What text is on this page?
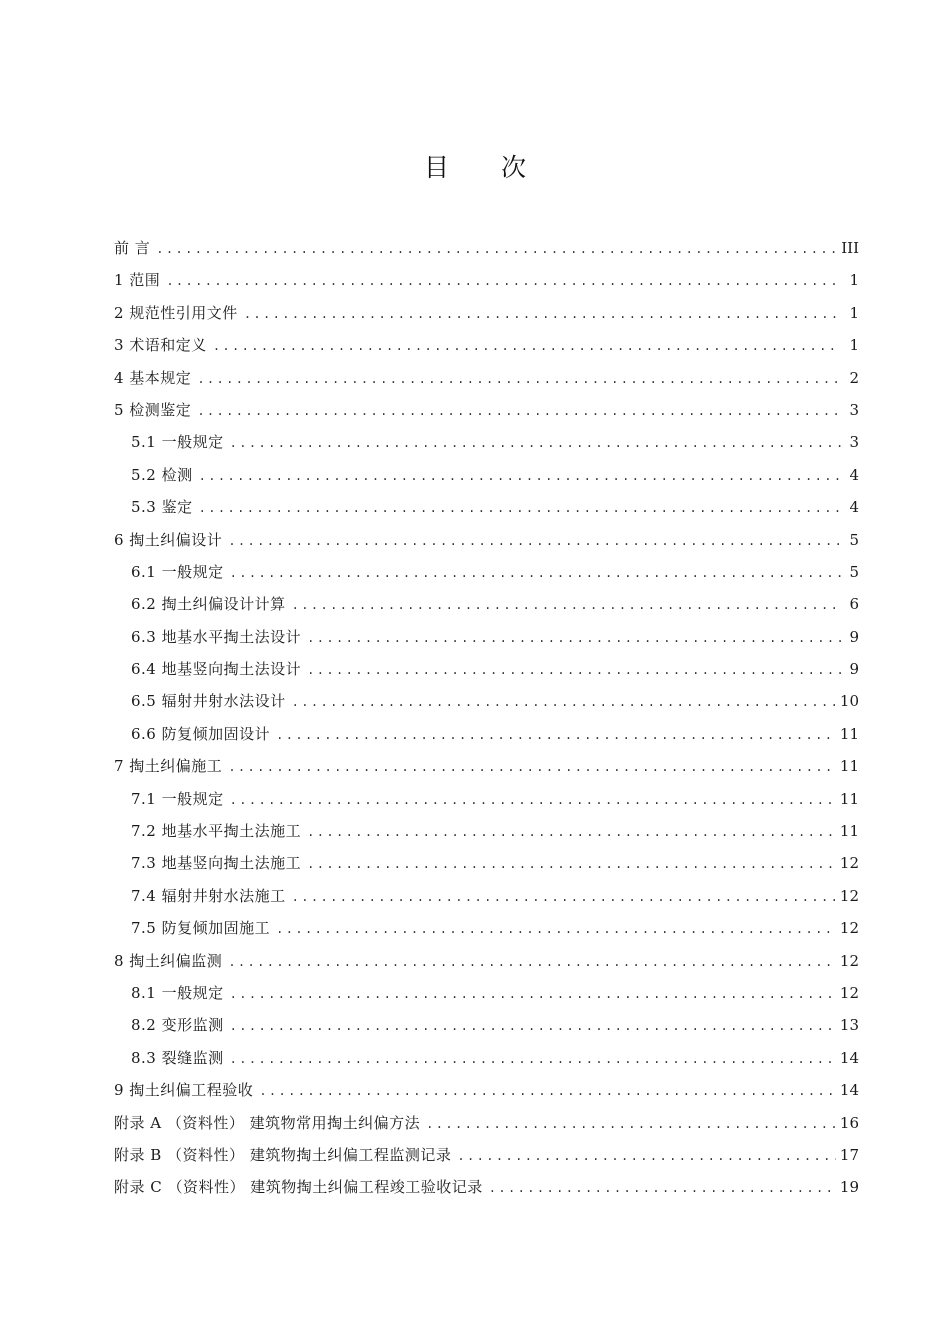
目 次
前 言 .....	III
1 范围 .....	1
2 规范性引用文件 .....	1
3 术语和定义 .....	1
4 基本规定 .....	2
5 检测鉴定 .....	3
5.1 一般规定 .....	3
5.2 检测 .....	4
5.3 鉴定 .....	4
6 掏土纠偏设计 .....	5
6.1 一般规定 .....	5
6.2 掏土纠偏设计计算 .....	6
6.3 地基水平掏土法设计 .....	9
6.4 地基竖向掏土法设计 .....	9
6.5 辐射井射水法设计 .....	10
6.6 防复倾加固设计 .....	11
7 掏土纠偏施工 .....	11
7.1 一般规定 .....	11
7.2 地基水平掏土法施工 .....	11
7.3 地基竖向掏土法施工 .....	12
7.4 辐射井射水法施工 .....	12
7.5 防复倾加固施工 .....	12
8 掏土纠偏监测 .....	12
8.1 一般规定 .....	12
8.2 变形监测 .....	13
8.3 裂缝监测 .....	14
9 掏土纠偏工程验收 .....	14
附录 A （资料性） 建筑物常用掏土纠偏方法 .....	16
附录 B （资料性） 建筑物掏土纠偏工程监测记录 .....	17
附录 C （资料性） 建筑物掏土纠偏工程竣工验收记录 .....	19
